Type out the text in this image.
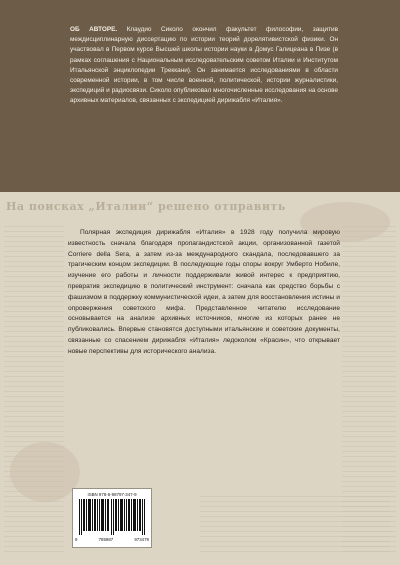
ОБ АВТОРЕ. Клаудио Сиколо окончил факультет философии, защитив междисциплинарную диссертацию по истории теорий дорелятивистской физики. Он участвовал в Первом курсе Высшей школы истории науки в Домус Галицеана в Пизе (в рамках соглашения с Национальным исследовательским советом Италии и Институтом Итальянской энциклопедии Треккани). Он занимается исследованиями в области современной истории, в том числе военной, политической, истории журналистики, экспедиций и радиосвязи. Сиколо опубликовал многочисленные исследования на основе архивных материалов, связанных с экспедицией дирижабля «Италия».

На поисках „Италии“ решено отправить

Полярная экспедиция дирижабля «Италия» в 1928 году получила мировую известность сначала благодаря пропагандистской акции, организованной газетой Corriere della Sera, а затем из-за международного скандала, последовавшего за трагическим концом экспедиции. В последующие годы споры вокруг Умберто Нобиле, изучение его работы и личности поддерживали живой интерес к предприятию, превратив экспедицию в политический инструмент: сначала как средство борьбы с фашизмом в поддержку коммунистической идеи, а затем для восстановления истины и опровержения советского мифа. Представленное читателю исследование основывается на анализе архивных источников, многие из которых ранее не публиковались. Впервые становятся доступными итальянские и советские документы, связанные со спасением дирижабля «Италия» ледоколом «Красин», что открывает новые перспективы для исторического анализа.

ISBN 978-5-98797-347-9
9	785987	973479
